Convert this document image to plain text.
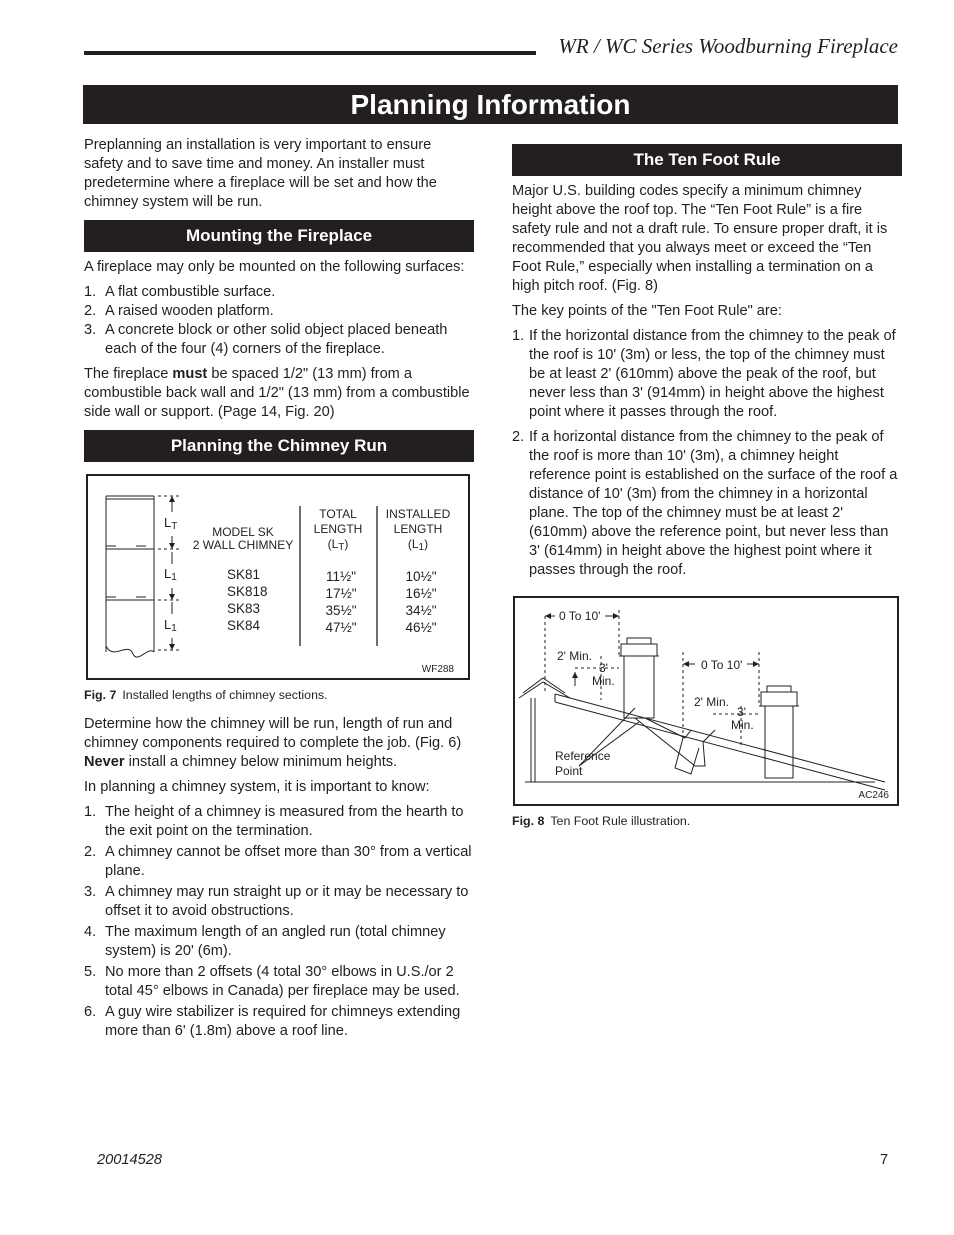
WR / WC Series Woodburning Fireplace
Planning Information

Preplanning an installation is very important to ensure safety and to save time and money. An installer must predetermine where a fireplace will be set and how the chimney system will be run.

Mounting the Fireplace

A fireplace may only be mounted on the following surfaces:

1. A flat combustible surface.
2. A raised wooden platform.
3. A concrete block or other solid object placed beneath each of the four (4) corners of the fireplace.

The fireplace must be spaced 1/2" (13 mm) from a combustible back wall and 1/2" (13 mm) from a combustible side wall or support. (Page 14, Fig. 20)

Planning the Chimney Run
LT
L1
L1
MODEL SK
2 WALL CHIMNEY
TOTAL
LENGTH
(LT)
INSTALLED
LENGTH
(L1)
SK81
SK818
SK83
SK84
11½"
17½"
35½"
47½"
10½"
16½"
34½"
46½"
WF288
Fig. 7 Installed lengths of chimney sections.

Determine how the chimney will be run, length of run and chimney components required to complete the job. (Fig. 6) Never install a chimney below minimum heights.

In planning a chimney system, it is important to know:

1. The height of a chimney is measured from the hearth to the exit point on the termination.
2. A chimney cannot be offset more than 30° from a vertical plane.
3. A chimney may run straight up or it may be necessary to offset it to avoid obstructions.
4. The maximum length of an angled run (total chimney system) is 20' (6m).
5. No more than 2 offsets (4 total 30° elbows in U.S./or 2 total 45° elbows in Canada) per fireplace may be used.
6. A guy wire stabilizer is required for chimneys extending more than 6' (1.8m) above a roof line.
The Ten Foot Rule

Major U.S. building codes specify a minimum chimney height above the roof top. The “Ten Foot Rule” is a fire safety rule and not a draft rule. To ensure proper draft, it is recommended that you always meet or exceed the “Ten Foot Rule,” especially when installing a termination on a high pitch roof. (Fig. 8)

The key points of the "Ten Foot Rule" are:

1. If the horizontal distance from the chimney to the peak of the roof is 10' (3m) or less, the top of the chimney must be at least 2' (610mm) above the peak of the roof, but never less than 3' (914mm) in height above the highest point where it passes through the roof.
2. If a horizontal distance from the chimney to the peak of the roof is more than 10' (3m), a chimney height reference point is established on the surface of the roof a distance of 10' (3m) from the chimney in a horizontal plane. The top of the chimney must be at least 2' (610mm) above the reference point, but never less than 3' (614mm) in height above the highest point where it passes through the roof.
0 To 10'
2' Min.
3'
Min.
0 To 10'
2' Min.
3'
Min.
Reference
Point
AC246
Fig. 8 Ten Foot Rule illustration.
20014528	7
